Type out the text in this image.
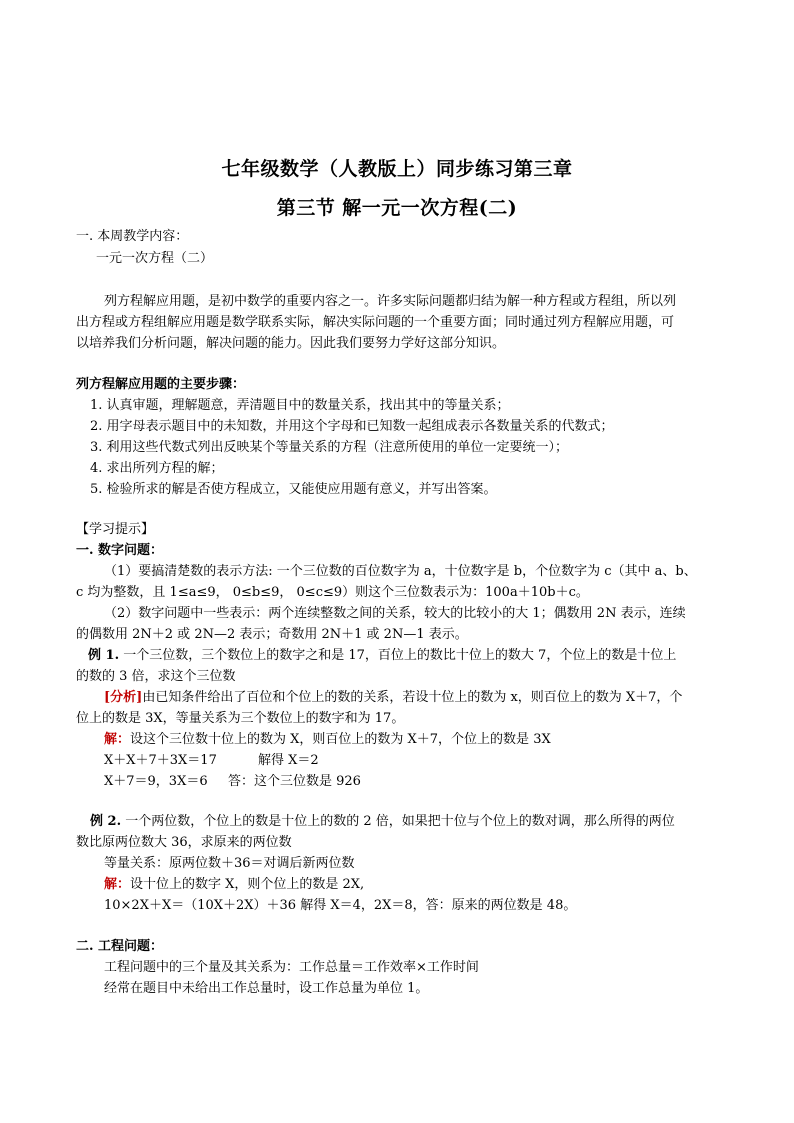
七年级数学（人教版上）同步练习第三章
第三节 解一元一次方程(二)
一. 本周教学内容：
一元一次方程（二）
列方程解应用题，是初中数学的重要内容之一。许多实际问题都归结为解一种方程或方程组，所以列
出方程或方程组解应用题是数学联系实际，解决实际问题的一个重要方面；同时通过列方程解应用题，可
以培养我们分析问题，解决问题的能力。因此我们要努力学好这部分知识。
列方程解应用题的主要步骤：
1. 认真审题，理解题意，弄清题目中的数量关系，找出其中的等量关系；
2. 用字母表示题目中的未知数，并用这个字母和已知数一起组成表示各数量关系的代数式；
3. 利用这些代数式列出反映某个等量关系的方程（注意所使用的单位一定要统一）；
4. 求出所列方程的解；
5. 检验所求的解是否使方程成立，又能使应用题有意义，并写出答案。
【学习提示】
一. 数字问题：
（1）要搞清楚数的表示方法: 一个三位数的百位数字为 a，十位数字是 b，个位数字为 c（其中 a、b、
c 均为整数，且 1≤a≤9， 0≤b≤9， 0≤c≤9）则这个三位数表示为：100a＋10b＋c。
（2）数字问题中一些表示：两个连续整数之间的关系，较大的比较小的大 1；偶数用 2N 表示，连续
的偶数用 2N＋2 或 2N—2 表示；奇数用 2N＋1 或 2N—1 表示。
例 1. 一个三位数，三个数位上的数字之和是 17，百位上的数比十位上的数大 7，个位上的数是十位上
的数的 3 倍，求这个三位数
[分析]由已知条件给出了百位和个位上的数的关系，若设十位上的数为 x，则百位上的数为 X＋7，个
位上的数是 3X，等量关系为三个数位上的数字和为 17。
解：设这个三位数十位上的数为 X，则百位上的数为 X＋7，个位上的数是 3X
X＋X＋7＋3X＝17	解得 X＝2
X＋7＝9，3X＝6 答：这个三位数是 926
例 2. 一个两位数，个位上的数是十位上的数的 2 倍，如果把十位与个位上的数对调，那么所得的两位
数比原两位数大 36，求原来的两位数
等量关系：原两位数＋36＝对调后新两位数
解：设十位上的数字 X，则个位上的数是 2X,
10×2X＋X＝（10X＋2X）＋36 解得 X＝4，2X＝8，答：原来的两位数是 48。
二. 工程问题：
工程问题中的三个量及其关系为：工作总量＝工作效率×工作时间
经常在题目中未给出工作总量时，设工作总量为单位 1。
